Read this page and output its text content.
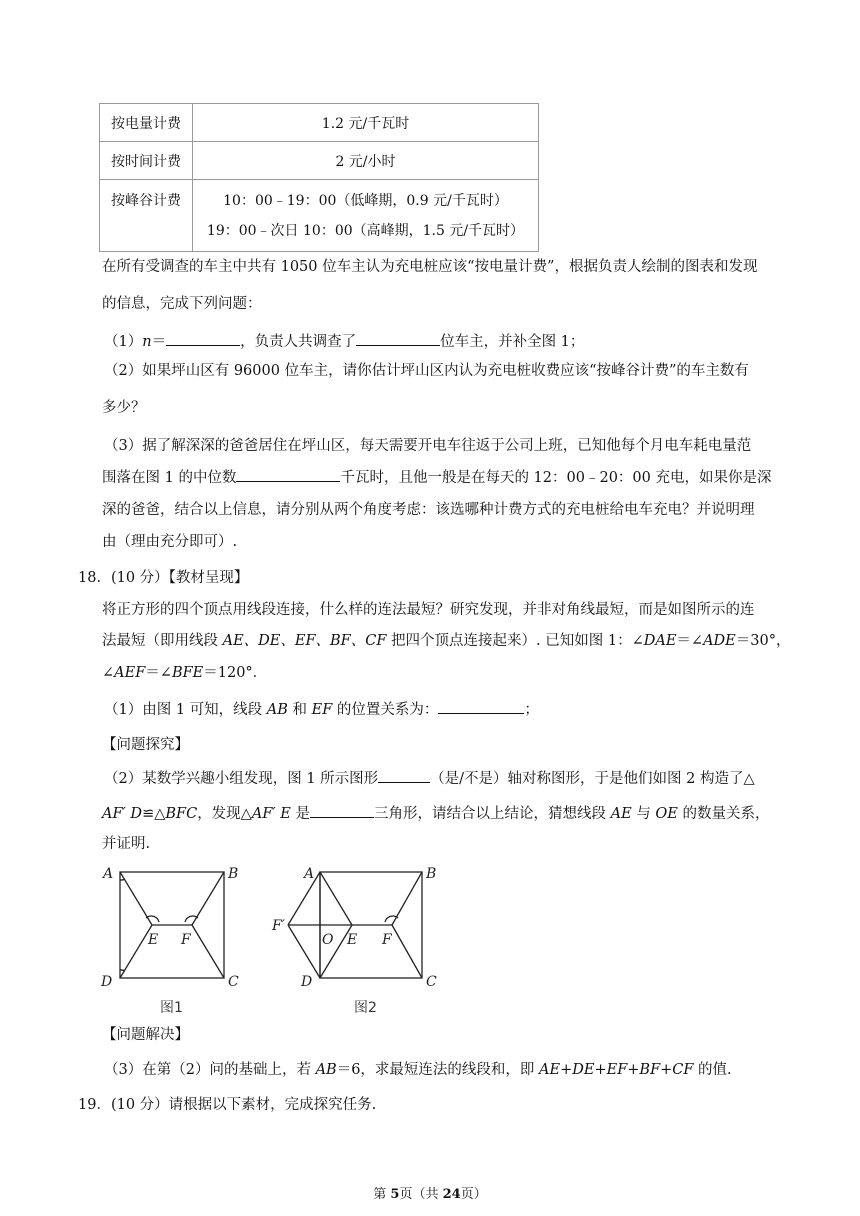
按电量计费	1.2 元/千瓦时
按时间计费	2 元/小时
按峰谷计费	10：00﹣19：00（低峰期，0.9 元/千瓦时）
19：00﹣次日 10：00（高峰期，1.5 元/千瓦时）
在所有受调查的车主中共有 1050 位车主认为充电桩应该“按电量计费”，根据负责人绘制的图表和发现
的信息，完成下列问题：
（1）n＝	，负责人共调查了	位车主，并补全图 1；
（2）如果坪山区有 96000 位车主，请你估计坪山区内认为充电桩收费应该“按峰谷计费”的车主数有
多少？
（3）据了解深深的爸爸居住在坪山区，每天需要开电车往返于公司上班，已知他每个月电车耗电量范
围落在图 1 的中位数	千瓦时，且他一般是在每天的 12：00﹣20：00 充电，如果你是深
深的爸爸，结合以上信息，请分别从两个角度考虑：该选哪种计费方式的充电桩给电车充电？并说明理
由（理由充分即可）.
18．(10 分）【教材呈现】
将正方形的四个顶点用线段连接，什么样的连法最短？研究发现，并非对角线最短，而是如图所示的连
法最短（即用线段 AE、DE、EF、BF、CF 把四个顶点连接起来）. 已知如图 1：∠DAE＝∠ADE＝30°，
∠AEF＝∠BFE＝120°．
（1）由图 1 可知，线段 AB 和 EF 的位置关系为：	；
【问题探究】
（2）某数学兴趣小组发现，图 1 所示图形	（是/不是）轴对称图形，于是他们如图 2 构造了△
AF′ D≌△BFC，发现△AF′ E 是	三角形，请结合以上结论，猜想线段 AE 与 OE 的数量关系，
并证明.
A	B
C
D
E F
图1
A	B
C
D
F′
O E F
图2
【问题解决】
（3）在第（2）问的基础上，若 AB＝6，求最短连法的线段和，即 AE+DE+EF+BF+CF 的值.
19．(10 分）请根据以下素材，完成探究任务.
第 5页（共 24页）
